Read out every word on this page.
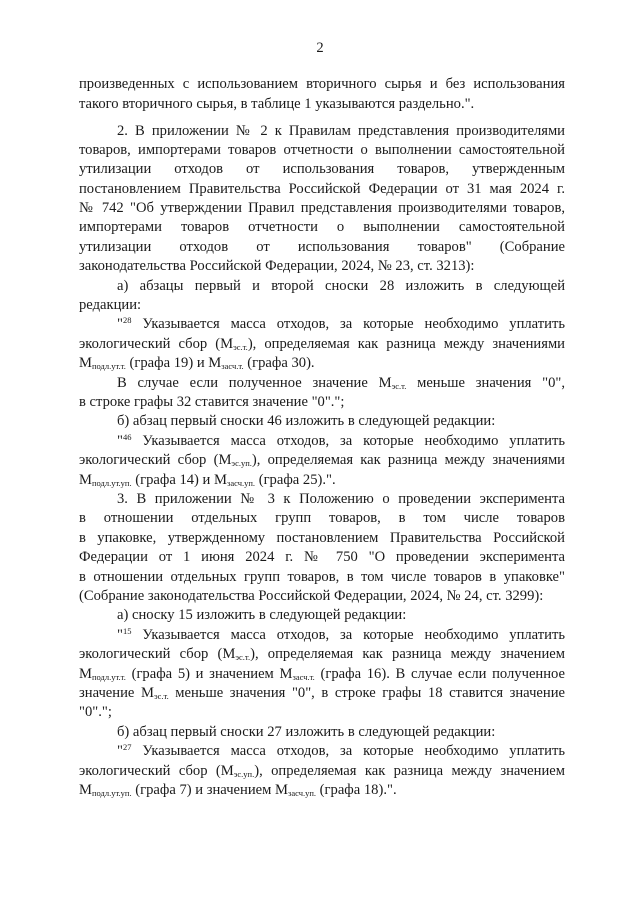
2
произведенных с использованием вторичного сырья и без использования
такого вторичного сырья, в таблице 1 указываются раздельно.".
2. В приложении № 2 к Правилам представления производителями
товаров, импортерами товаров отчетности о выполнении самостоятельной
утилизации отходов от использования товаров, утвержденным
постановлением Правительства Российской Федерации от 31 мая 2024 г.
№ 742 "Об утверждении Правил представления производителями товаров,
импортерами товаров отчетности о выполнении самостоятельной
утилизации отходов от использования товаров" (Собрание
законодательства Российской Федерации, 2024, № 23, ст. 3213):
а) абзацы первый и второй сноски 28 изложить в следующей
редакции:
"$^{28}$ Указывается масса отходов, за которые необходимо уплатить
экологический сбор $(М_{эс.т.})$, определяемая как разница между значениями
$М_{подл.ут.т.}$ (графа 19) и $М_{засч.т.}$ (графа 30).
В случае если полученное значение $М_{эс.т.}$ меньше значения "0",
в строке графы 32 ставится значение "0".";
б) абзац первый сноски 46 изложить в следующей редакции:
"$^{46}$ Указывается масса отходов, за которые необходимо уплатить
экологический сбор $(М_{эс.уп.})$, определяемая как разница между значениями
$М_{подл.ут.уп.}$ (графа 14) и $М_{засч.уп.}$ (графа 25).".
3. В приложении № 3 к Положению о проведении эксперимента
в отношении отдельных групп товаров, в том числе товаров
в упаковке, утвержденному постановлением Правительства Российской
Федерации от 1 июня 2024 г. № 750 "О проведении эксперимента
в отношении отдельных групп товаров, в том числе товаров в упаковке"
(Собрание законодательства Российской Федерации, 2024, № 24, ст. 3299):
а) сноску 15 изложить в следующей редакции:
"$^{15}$ Указывается масса отходов, за которые необходимо уплатить
экологический сбор $(М_{эс.т.})$, определяемая как разница между значением
$М_{подл.ут.т.}$ (графа 5) и значением $М_{засч.т.}$ (графа 16). В случае если полученное
значение $М_{эс.т.}$ меньше значения "0", в строке графы 18 ставится значение
"0".";
б) абзац первый сноски 27 изложить в следующей редакции:
"$^{27}$ Указывается масса отходов, за которые необходимо уплатить
экологический сбор $(М_{эс.уп.})$, определяемая как разница между значением
$М_{подл.ут.уп.}$ (графа 7) и значением $М_{засч.уп.}$ (графа 18).".
